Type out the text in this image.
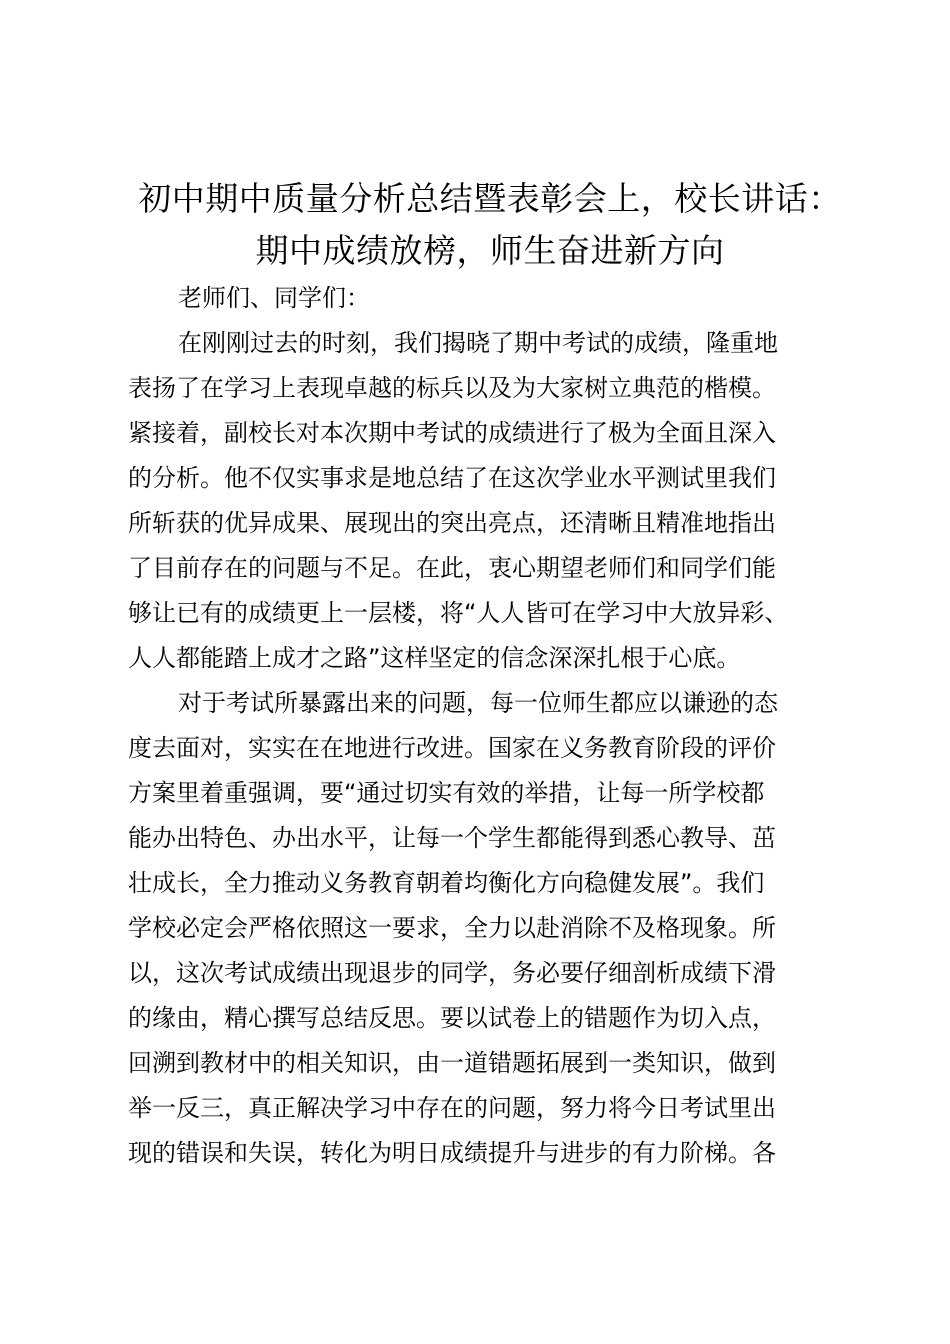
初中期中质量分析总结暨表彰会上，校长讲话：
期中成绩放榜，师生奋进新方向
老师们、同学们：
在刚刚过去的时刻，我们揭晓了期中考试的成绩，隆重地
表扬了在学习上表现卓越的标兵以及为大家树立典范的楷模。
紧接着，副校长对本次期中考试的成绩进行了极为全面且深入
的分析。他不仅实事求是地总结了在这次学业水平测试里我们
所斩获的优异成果、展现出的突出亮点，还清晰且精准地指出
了目前存在的问题与不足。在此，衷心期望老师们和同学们能
够让已有的成绩更上一层楼，将“人人皆可在学习中大放异彩、
人人都能踏上成才之路”这样坚定的信念深深扎根于心底。
对于考试所暴露出来的问题，每一位师生都应以谦逊的态
度去面对，实实在在地进行改进。国家在义务教育阶段的评价
方案里着重强调，要“通过切实有效的举措，让每一所学校都
能办出特色、办出水平，让每一个学生都能得到悉心教导、茁
壮成长，全力推动义务教育朝着均衡化方向稳健发展”。我们
学校必定会严格依照这一要求，全力以赴消除不及格现象。所
以，这次考试成绩出现退步的同学，务必要仔细剖析成绩下滑
的缘由，精心撰写总结反思。要以试卷上的错题作为切入点，
回溯到教材中的相关知识，由一道错题拓展到一类知识，做到
举一反三，真正解决学习中存在的问题，努力将今日考试里出
现的错误和失误，转化为明日成绩提升与进步的有力阶梯。各
